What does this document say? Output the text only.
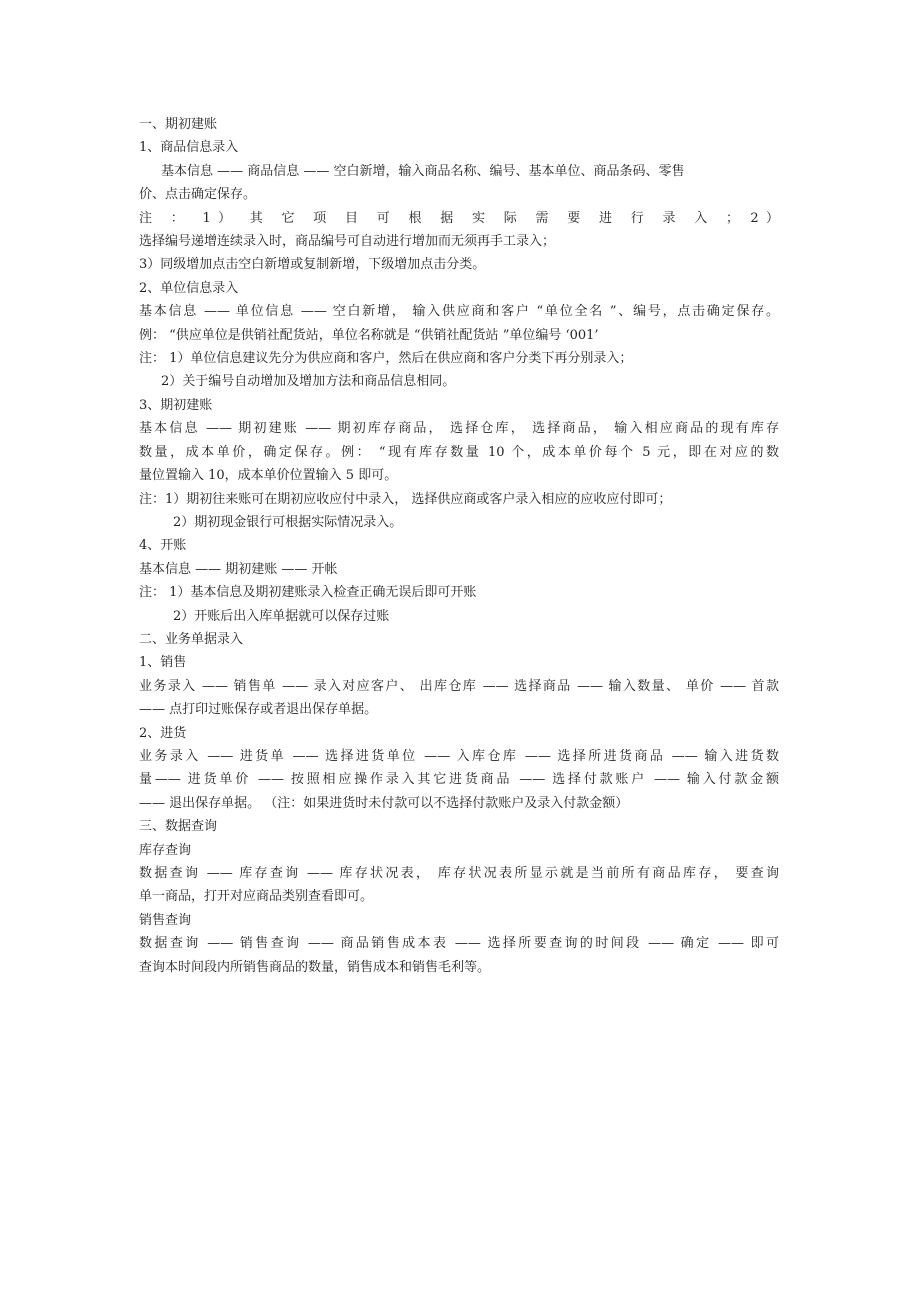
一、期初建账
1、商品信息录入
基本信息 —— 商品信息 —— 空白新增，输入商品名称、编号、基本单位、商品条码、零售
价、点击确定保存。
注 ： 1） 其 它 项 目 可 根 据 实 际 需 要 进 行 录 入 ； 2）
选择编号递增连续录入时，商品编号可自动进行增加而无须再手工录入；
3）同级增加点击空白新增或复制新增，下级增加点击分类。
2、单位信息录入
基本信息 —— 单位信息 —— 空白新增， 输入供应商和客户 “单位全名 ”、编号，点击确定保存。
例： “供应单位是供销社配货站，单位名称就是 “供销社配货站 ”单位编号 ‘001’
注： 1）单位信息建议先分为供应商和客户，然后在供应商和客户分类下再分别录入；
2）关于编号自动增加及增加方法和商品信息相同。
3、期初建账
基本信息 —— 期初建账 —— 期初库存商品， 选择仓库， 选择商品， 输入相应商品的现有库存
数量，成本单价，确定保存。例： “现有库存数量 10 个，成本单价每个 5 元，即在对应的数
量位置输入 10，成本单价位置输入 5 即可。
注：1）期初往来账可在期初应收应付中录入， 选择供应商或客户录入相应的应收应付即可；
2）期初现金银行可根据实际情况录入。
4、开账
基本信息 —— 期初建账 —— 开帐
注： 1）基本信息及期初建账录入检查正确无误后即可开账
2）开账后出入库单据就可以保存过账
二、业务单据录入
1、销售
业务录入 —— 销售单 —— 录入对应客户、 出库仓库 —— 选择商品 —— 输入数量、 单价 —— 首款
—— 点打印过账保存或者退出保存单据。
2、进货
业务录入 —— 进货单 —— 选择进货单位 —— 入库仓库 —— 选择所进货商品 —— 输入进货数
量—— 进货单价 —— 按照相应操作录入其它进货商品 —— 选择付款账户 —— 输入付款金额
—— 退出保存单据。 （注：如果进货时未付款可以不选择付款账户及录入付款金额）
三、数据查询
库存查询
数据查询 —— 库存查询 —— 库存状况表， 库存状况表所显示就是当前所有商品库存， 要查询
单一商品，打开对应商品类别查看即可。
销售查询
数据查询 —— 销售查询 —— 商品销售成本表 —— 选择所要查询的时间段 —— 确定 —— 即可
查询本时间段内所销售商品的数量，销售成本和销售毛利等。
